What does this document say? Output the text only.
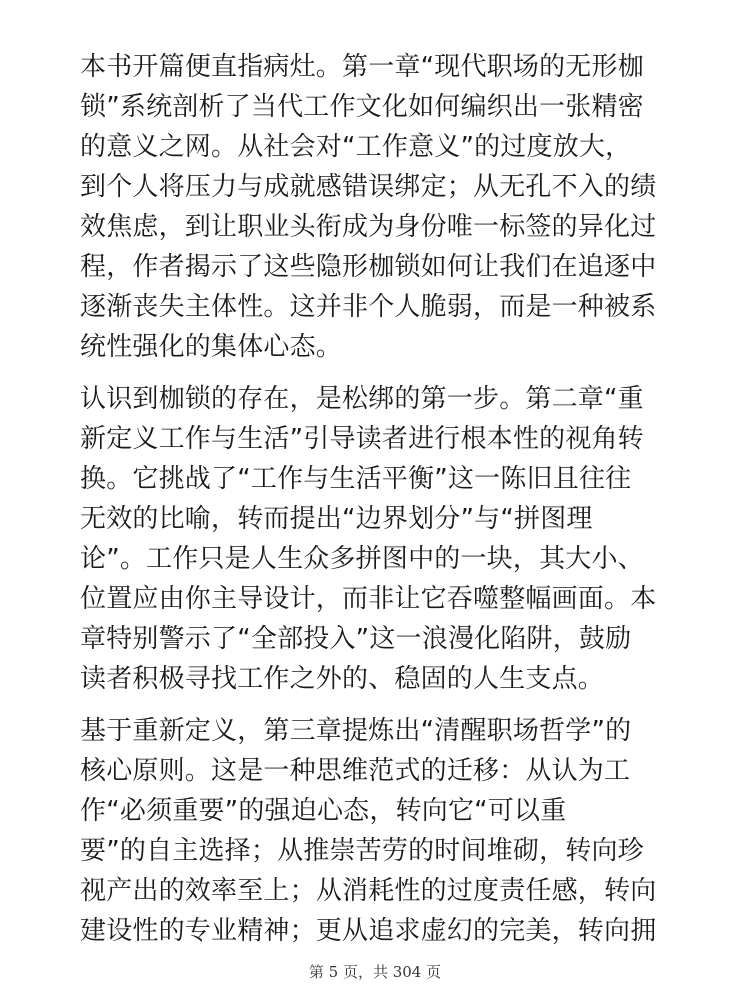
本书开篇便直指病灶。第一章“现代职场的无形枷
锁”系统剖析了当代工作文化如何编织出一张精密
的意义之网。从社会对“工作意义”的过度放大，
到个人将压力与成就感错误绑定；从无孔不入的绩
效焦虑，到让职业头衔成为身份唯一标签的异化过
程，作者揭示了这些隐形枷锁如何让我们在追逐中
逐渐丧失主体性。这并非个人脆弱，而是一种被系
统性强化的集体心态。
认识到枷锁的存在，是松绑的第一步。第二章“重
新定义工作与生活”引导读者进行根本性的视角转
换。它挑战了“工作与生活平衡”这一陈旧且往往
无效的比喻，转而提出“边界划分”与“拼图理
论”。工作只是人生众多拼图中的一块，其大小、
位置应由你主导设计，而非让它吞噬整幅画面。本
章特别警示了“全部投入”这一浪漫化陷阱，鼓励
读者积极寻找工作之外的、稳固的人生支点。
基于重新定义，第三章提炼出“清醒职场哲学”的
核心原则。这是一种思维范式的迁移：从认为工
作“必须重要”的强迫心态，转向它“可以重
要”的自主选择；从推崇苦劳的时间堆砌，转向珍
视产出的效率至上；从消耗性的过度责任感，转向
建设性的专业精神；更从追求虚幻的完美，转向拥
第 5 页，共 304 页
